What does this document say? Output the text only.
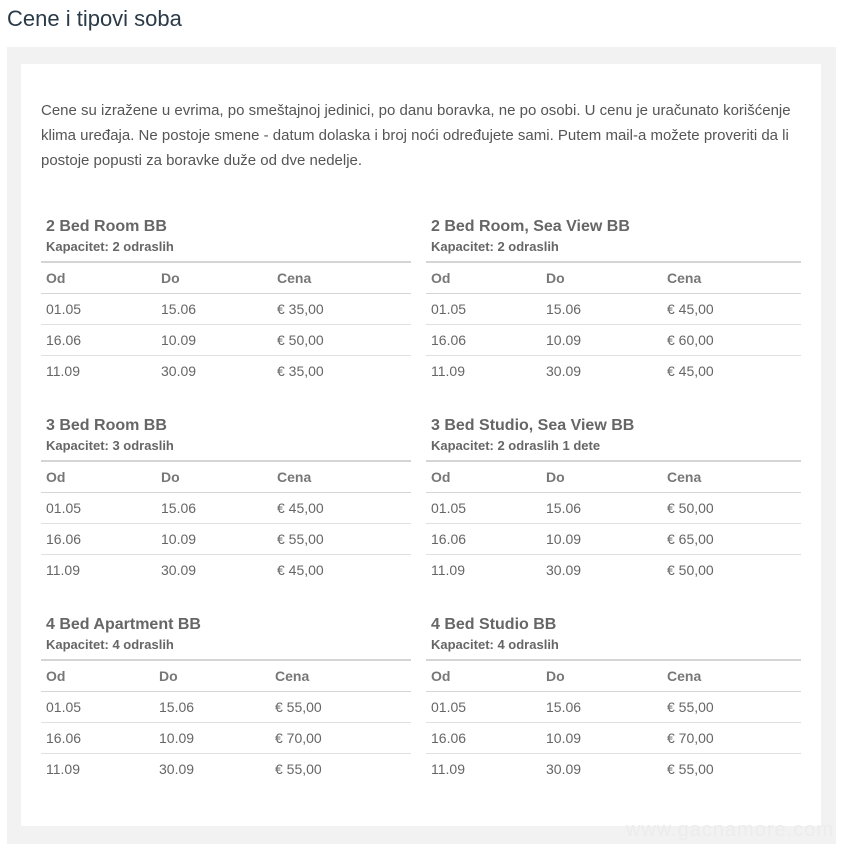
Cene i tipovi soba

Cene su izražene u evrima, po smeštajnoj jedinici, po danu boravka, ne po osobi. U cenu je uračunato korišćenje klima uređaja. Ne postoje smene - datum dolaska i broj noći određujete sami. Putem mail-a možete proveriti da li postoje popusti za boravke duže od dve nedelje.

2 Bed Room BB
Kapacitet: 2 odraslih
Od	Do	Cena
01.05	15.06	€ 35,00
16.06	10.09	€ 50,00
11.09	30.09	€ 35,00
2 Bed Room, Sea View BB
Kapacitet: 2 odraslih
Od	Do	Cena
01.05	15.06	€ 45,00
16.06	10.09	€ 60,00
11.09	30.09	€ 45,00
3 Bed Room BB
Kapacitet: 3 odraslih
Od	Do	Cena
01.05	15.06	€ 45,00
16.06	10.09	€ 55,00
11.09	30.09	€ 45,00
3 Bed Studio, Sea View BB
Kapacitet: 2 odraslih 1 dete
Od	Do	Cena
01.05	15.06	€ 50,00
16.06	10.09	€ 65,00
11.09	30.09	€ 50,00
4 Bed Apartment BB
Kapacitet: 4 odraslih
Od	Do	Cena
01.05	15.06	€ 55,00
16.06	10.09	€ 70,00
11.09	30.09	€ 55,00
4 Bed Studio BB
Kapacitet: 4 odraslih
Od	Do	Cena
01.05	15.06	€ 55,00
16.06	10.09	€ 70,00
11.09	30.09	€ 55,00
www.gacnamore.com
